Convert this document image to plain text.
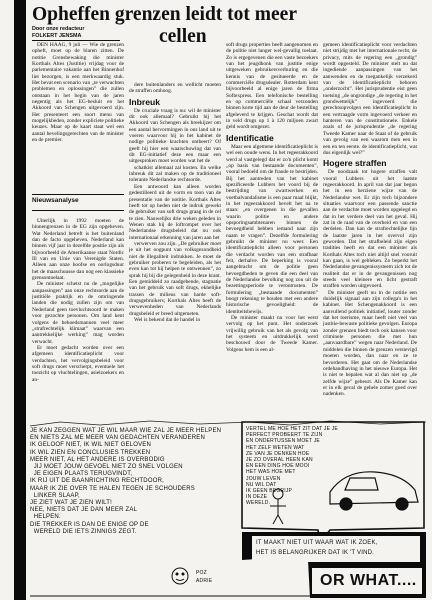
Opheffen grenzen leidt tot meer
cellen
Door onze redacteur
FOLKERT JENSMA

DEN HAAG, 9 juli — Wie de grenzen opheft, moet op de blaren zitten. De notitie Grensbewaking die minister Korthals Altes (Justitie) vrijdag voor de parlementaire vakantie aan het Binnenhof liet bezorgen, is een merkwaardig stuk. Het bevat een scenario van „te verwachten problemen en oplossingen” die zullen ontstaan in het begin van de jaren negentig als het EG-besluit en het Akkoord van Schengen uitgevoerd zijn. Het presenteert een soort menu van mogelijkheden, zonder expliciete politieke keuzes. Maar op de kaart staat wel een aantal bevelingsgerechten van de minister en de premier.

Nieuwsanalyse

Uiterlijk in 1992 moeten de binnengrenzen in de EG zijn opgeheven. Wat Nederland betreft is het buitenland dan de facto opgeheven. Nederland kan binnen vijf jaar in dezelfde positie zijn als bijvoorbeeld de Amerikaanse staat Nordic Ill van en Unie van Verenigde Staten. Alleen aan onze hoofse en oorlogsduur het de maaschuusse dan nog een klassieke grensontoelaat.

De minister schetst nu de „mogelijke aanpassingen” aan onze rechtsorde aan de justitiële praktijk en de omringende landen die nodig zullen zijn om van Nederland geen toevluchtsoord te maken voor gezochte personen. Om land kent volgens de behoedsmannen veel meer „strafrechtelijk klimaat” waarvan een aantrekkelijke werking” mag worden verwacht.

Er moet gedacht worden over een afgemeen identificatieplicht voor verdachten, het vervolgingsbeleid voor soft drugs moet verscherpt, eventuele het toezicht op vluchtelingen, asielzoekers en an-

dere buitenlanders en wellicht moeten de straffen omhoog.

Inbreuk

De cruciale vraag is nu: wil de minister dit ook allemaal? Gebruikt hij het Akkoord van Schengen als breekijzer om een aantal hervormingen in ons land uit te voeren waarvoor hij in het kabinet de nodige politieke krachten ontbeert? Of geeft hij hier een waarschuwing dat van dit EG-initiatief deze een maar een uitgesproken moet worden wat het de

schatkist allemaal zal kosten. En welke inbreuk dit zal maken op de traditioneel tolerante Nederlandse rechtsorde.

Een antwoord kan alleen worden gedestilleerd uit de vorm en toon van de presentatie van de notitie. Korthals Altes heeft tot op heden niet de indruk gewekt de gebruiker van soft drugs graag in de cel te zien. Nauwelijks drie weken geleden in Wenen stak hij de loftrompet over het Nederlandse drugsbeleid dat nu ook internationaal erkenning van jaren aan het

verwerven zou zijn. „De gebruiker moet je uit het oogpunt van volksgezondheid niet de illegaliteit indrukken. Je moet de gebruiker proberen te begeleiden, als het even kan tot hij helpen te ontwennen”, zo sprak hij bij die gelegenheid in deze krant. Een gemiddeld zo raadgebende, stagnatie van het gebruik van soft drugs, ekhelijke trassen de milieus van harde soft-drugsgebruikers; Korthals Altes heeft de verwevenheden van Nederlands drugsbeleid er breed uitgemeten.

Wel is bekend dat de handel in

soft drugs properties heeft aangenomen en de politie niet langer wel-gevallig toelaat. Zo is ergegevenen die een vaste bezoekers van het jeugdhonk van justitie enige uitgeweken gebruikersverhuring en die kennis van de gesitueerde en de commerciële drugsdealer. Rotterdam kent bijvoorbeeld al enige jaren de firma Softexpress. Een telefonische bestelling en op commerciële schaal verzonden binnen korte tijd aan de deur de bestelling afgeleverd te krijgen. Geschat wordt dat in veld drugs op 1 à 120 miljoen zwart geld wordt omgezet.

Identificatie

Maar een algemene identificatieplicht is wel een ooude wens. In het regeerakkoord werd al vastgelegd dat er zo'n plicht komt „op basis van bestaande documenten”, vooral bedoeld om de fraude te bestrijden. Bij het aantreden van het kabinet spezificeerde Lubbers het voord bij de bestrijding van zwartwerken en voetbalvandalisme is een paar maal blijkt, in het regeerakkoord hevelt het na te staan: „en overgenen in die gevallen waarin politie en andere opsporingsambtenaren binnen de bevoegdheid hebben iemand naar zijn naam te vragen”. Dezelfde formulering gebruikt de minister nu weer. Een identificatieplicht alleen voor personen die verdacht worden van een strafbaar feit, derhalve. De beperking is vooral aangebracht om de politie geen bevoegdheden te geven die een deel van de Nederlandse bevolking nog zou uit de bezettingsperiode te verontrusten. De formulering „bestaande documenten” boogt rekening te houden met een andere historische gevoeligheid: de identiteitsbewijs.

De minister maakt nu voor het eerst vervolg op het punt. Het onderzoek vrijwillig gebruik van het als gevolg van het systeem en uitdrukkelijk werd beschouwd door de Tweede Kamer. Volgens hem is een al-

gemeen identificatieplicht voor verdachten niet strijdig met het internationale recht, de privacy, mits de regering een „grondig” wordt opgesteld. De minister stelt nu dat ingediende aanpassingen van het aanwenden en de toegankelijk verzekerd van de identificatieplicht behoren „onderzocht”. Het jurisprudentie eist geen toetsing „de ongrondige „de regering in het grondwettelijk” ingevoerd die gerechtsopvolgen een identificatieplicht in een vertraagde vorm ingevoerd verkeer en hanteren van de constitutionele. Enkele zoals of de jurisprudentie „de regering Tweede Kamer naar de Staat of de gebruik van gevolg van een waarom men een in een en ten eerste. de identificatieplicht, wat dus eigenlijk wel?”

Hogere straffen

De noodzaak tot hogere straffen valt vooral Lubbers uit het laatste regeerakkoord. In april van dat jaar begon het in een herziene wijze van de Nederlandse wet. Er zijn toch bijzondere situaties waarvoor een passende sanctie aan de verdachte moet worden opgelegd en dat in het verdere deel van het geval. Hij zat in de raad van de overheid en van een derdelen. Dan kan de strafrechtelijke lijn de laatste jaren in het overvol zijn geworden. Dat het strafbeleid zijn eigen tradities heeft en dat een minister als Korthals Altes toch niet altijd snel vooruit kan gaan, is wel gebleken. Zo beperkt het Nederlandse gevangenissysteem zich tot de realiteit dat er in de gevangenissen nog steeds veel kleinere en licht gestraft straffen worden uitgevoerd.

De minister geeft nu in de notitie een duidelijk signaal aan zijn collega's in het kabinet. Het Schengenakkoord is een aanvullend politiek initiatief, louter zonder dat het toerisme, maar heeft niet veel van justitie-bewuste politieke gevolgen. Europa zonder grenzen biedt toch ook kansen voor criminele personen die met hun „aanvaardbare” wegen naar Nederland. De middelen die binnen de grenzen verstevigd moeten worden, dan naar en ze te bevorderen. Het gaat om de Nederlandse ordehandhaving in het nieuwe Europa. Het is niet te bepalen wat al dan niet op „de zelfde wijze” gebeurt. Als De Kamer kan er in elk geval de gehele zomer goed over nadenken.

JE KAN ZEGGEN WAT JE WIL MAAR WIE ZAL JE MEER HELPEN
EN NIETS ZAL ME MEER VAN GEDACHTEN VERANDEREN
IK GELOOF NIET, IK WIL NIET GELOVEN
IK WIL ZIEN EN CONCLUSIES TREKKEN
MEER NIET, AL HET ANDERE IS OVERBODIG
JIJ MOET JOUW GEVOEL NIET ZO SNEL VOLGEN
JE EIGEN PLAATS TERUGVINDT,
IK RIJ UIT DE BAANRICHTING RECHTDOOR,
MAAR IK ZIE OVER TE HALEN TEGEN JE SCHOUDERS
LINKER SLAAP,
JE ZIET WAT JE ZIEN WILT!
NEE, NIETS DAT JE DAN MEER ZAL
HELPEN.
DIE TREKKER IS DAN DE ENIGE OP DE
WERELD DIE IETS ZINNIGS ZEGT.
VERTEL ME HOE HET ZIT DAT JE JE
PERFECT PROBEERT TE ZIJN
EN ONDERTUSSEN MOET JE
HET ZELF WETEN WAT
ZE VAN JE DENKEN HOE
JE ZO OVERAL HEEN KAN
EN EEN DING HOE MOOI
HET WAS HOE MET
JOUW LEVEN
NU WIL DAT
IK GEEN BEGRIJP
IN DEZE
WERELD.
IT MAAKT NIET UIT WAAR WAT IK ZOEK,
HET IS BELANGRIJKER DAT IK 'T VIND.
POZ
ADRIE	OR WHAT....
